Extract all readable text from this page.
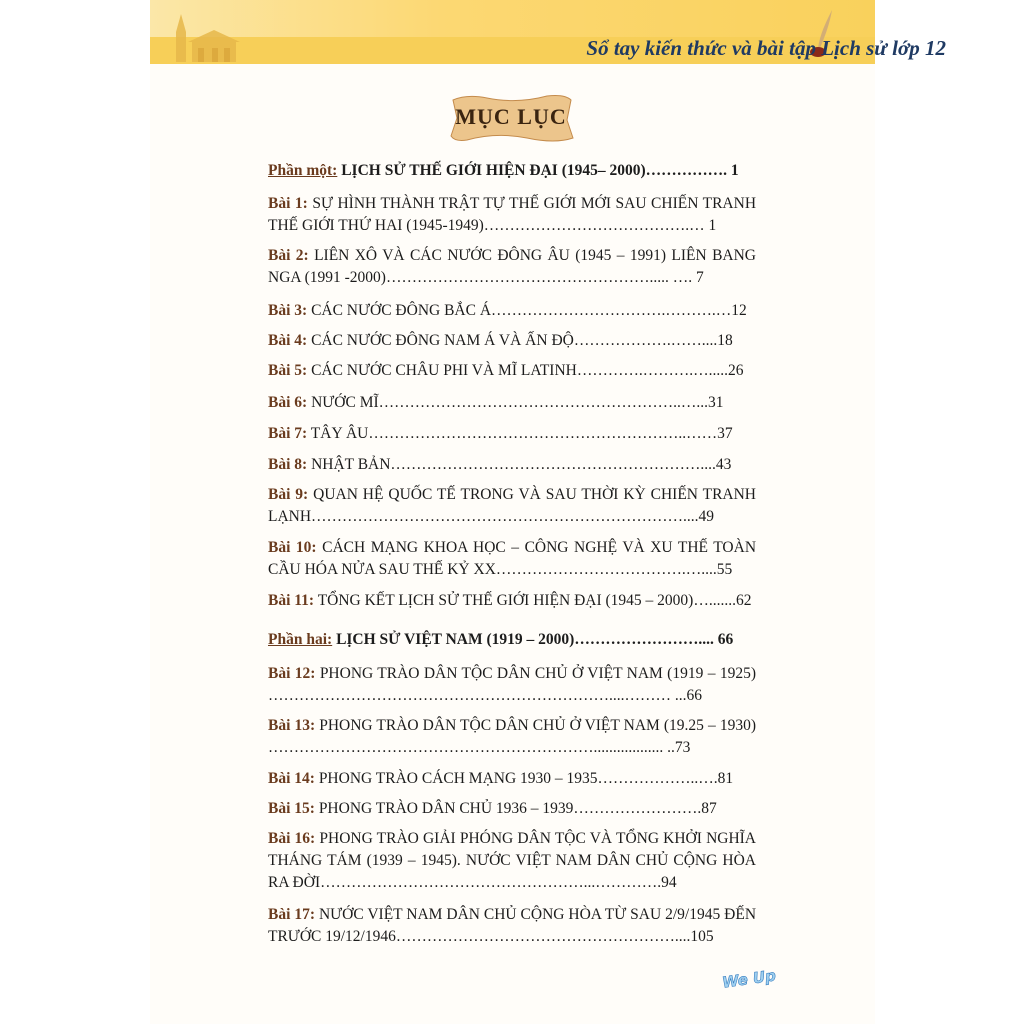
Sổ tay kiến thức và bài tập Lịch sử lớp 12
MỤC LỤC
Phần một: LỊCH SỬ THẾ GIỚI HIỆN ĐẠI (1945– 2000)……………. 1
Bài 1: SỰ HÌNH THÀNH TRẬT TỰ THẾ GIỚI MỚI SAU CHIẾN TRANH
THẾ GIỚI THỨ HAI (1945-1949)………………………………….… 1
Bài 2: LIÊN XÔ VÀ CÁC NƯỚC ĐÔNG ÂU (1945 – 1991) LIÊN BANG
NGA (1991 -2000)……………………………………………..... …. 7
Bài 3: CÁC NƯỚC ĐÔNG BẮC Á…………………………….……….…12
Bài 4: CÁC NƯỚC ĐÔNG NAM Á VÀ ẤN ĐỘ……………….……....18
Bài 5: CÁC NƯỚC CHÂU PHI VÀ MĨ LATINH………….……….….....26
Bài 6: NƯỚC MĨ…………………………………………………..…...31
Bài 7: TÂY ÂU……………………………………………………..……37
Bài 8: NHẬT BẢN……………………………………………………....43
Bài 9: QUAN HỆ QUỐC TẾ TRONG VÀ SAU THỜI KỲ CHIẾN TRANH
LẠNH………………………………………………………………....49
Bài 10: CÁCH MẠNG KHOA HỌC – CÔNG NGHỆ VÀ XU THẾ TOÀN
CẦU HÓA NỬA SAU THẾ KỶ XX……………………………….…....55
Bài 11: TỔNG KẾT LỊCH SỬ THẾ GIỚI HIỆN ĐẠI (1945 – 2000)….......62
Phần hai: LỊCH SỬ VIỆT NAM (1919 – 2000)…………………….... 66
Bài 12: PHONG TRÀO DÂN TỘC DÂN CHỦ Ở VIỆT NAM (1919 – 1925)
…………………………………………………………....……… ...66
Bài 13: PHONG TRÀO DÂN TỘC DÂN CHỦ Ở VIỆT NAM (19.25 – 1930)
……………………………………………………….................. ..73
Bài 14: PHONG TRÀO CÁCH MẠNG 1930 – 1935………………..….81
Bài 15: PHONG TRÀO DÂN CHỦ 1936 – 1939…………………….87
Bài 16: PHONG TRÀO GIẢI PHÓNG DÂN TỘC VÀ TỔNG KHỞI NGHĨA
THÁNG TÁM (1939 – 1945). NƯỚC VIỆT NAM DÂN CHỦ CỘNG HÒA
RA ĐỜI……………………………………………...………….94
Bài 17: NƯỚC VIỆT NAM DÂN CHỦ CỘNG HÒA TỪ SAU 2/9/1945 ĐẾN
TRƯỚC 19/12/1946………………………………………………....105
We Up
